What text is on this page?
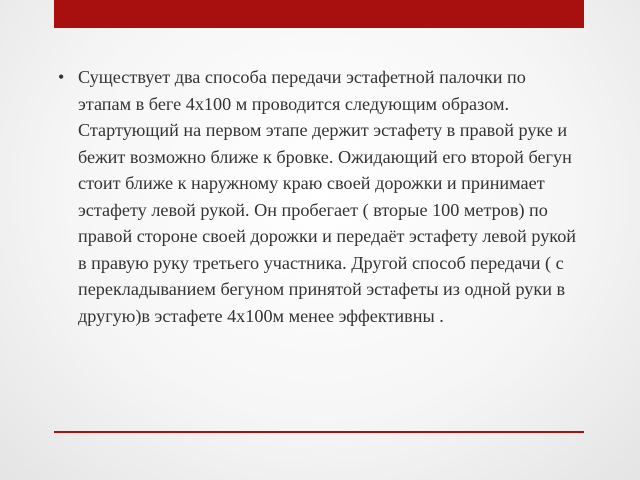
• Существует два способа передачи эстафетной палочки по этапам в беге 4х100 м проводится следующим образом. Стартующий на первом этапе держит эстафету в правой руке и бежит возможно ближе к бровке. Ожидающий его второй бегун стоит ближе к наружному краю своей дорожки и принимает эстафету левой рукой. Он пробегает ( вторые 100 метров) по правой стороне своей дорожки и передаёт эстафету левой рукой в правую руку третьего участника. Другой способ передачи ( с перекладыванием бегуном принятой эстафеты из одной руки в другую)в эстафете 4х100м менее эффективны .
